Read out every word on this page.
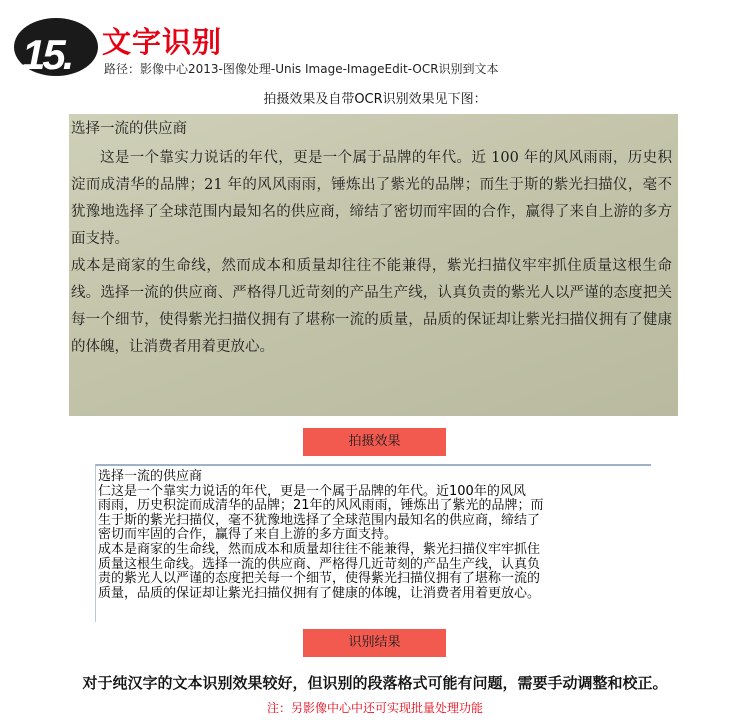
15. 文字识别
路径：影像中心2013-图像处理-Unis Image-ImageEdit-OCR识别到文本
拍摄效果及自带OCR识别效果见下图：

选择一流的供应商

这是一个靠实力说话的年代，更是一个属于品牌的年代。近 100 年的风风雨雨，历史积淀而成清华的品牌；21 年的风风雨雨，锤炼出了紫光的品牌；而生于斯的紫光扫描仪，毫不犹豫地选择了全球范围内最知名的供应商，缔结了密切而牢固的合作，赢得了来自上游的多方面支持。

成本是商家的生命线，然而成本和质量却往往不能兼得，紫光扫描仪牢牢抓住质量这根生命线。选择一流的供应商、严格得几近苛刻的产品生产线，认真负责的紫光人以严谨的态度把关每一个细节，使得紫光扫描仪拥有了堪称一流的质量，品质的保证却让紫光扫描仪拥有了健康的体魄，让消费者用着更放心。

拍摄效果

选择一流的供应商

仁这是一个靠实力说话的年代，更是一个属于品牌的年代。近100年的风风

雨雨，历史积淀而成清华的品牌；21年的风风雨雨，锤炼出了紫光的品牌；而

生于斯的紫光扫描仪，毫不犹豫地选择了全球范围内最知名的供应商，缔结了

密切而牢固的合作，赢得了来自上游的多方面支持。

成本是商家的生命线，然而成本和质量却往往不能兼得，紫光扫描仪牢牢抓住

质量这根生命线。选择一流的供应商、严格得几近苛刻的产品生产线，认真负

责的紫光人以严谨的态度把关每一个细节，使得紫光扫描仪拥有了堪称一流的

质量，品质的保证却让紫光扫描仪拥有了健康的体魄，让消费者用着更放心。

识别结果
对于纯汉字的文本识别效果较好，但识别的段落格式可能有问题，需要手动调整和校正。
注：另影像中心中还可实现批量处理功能
